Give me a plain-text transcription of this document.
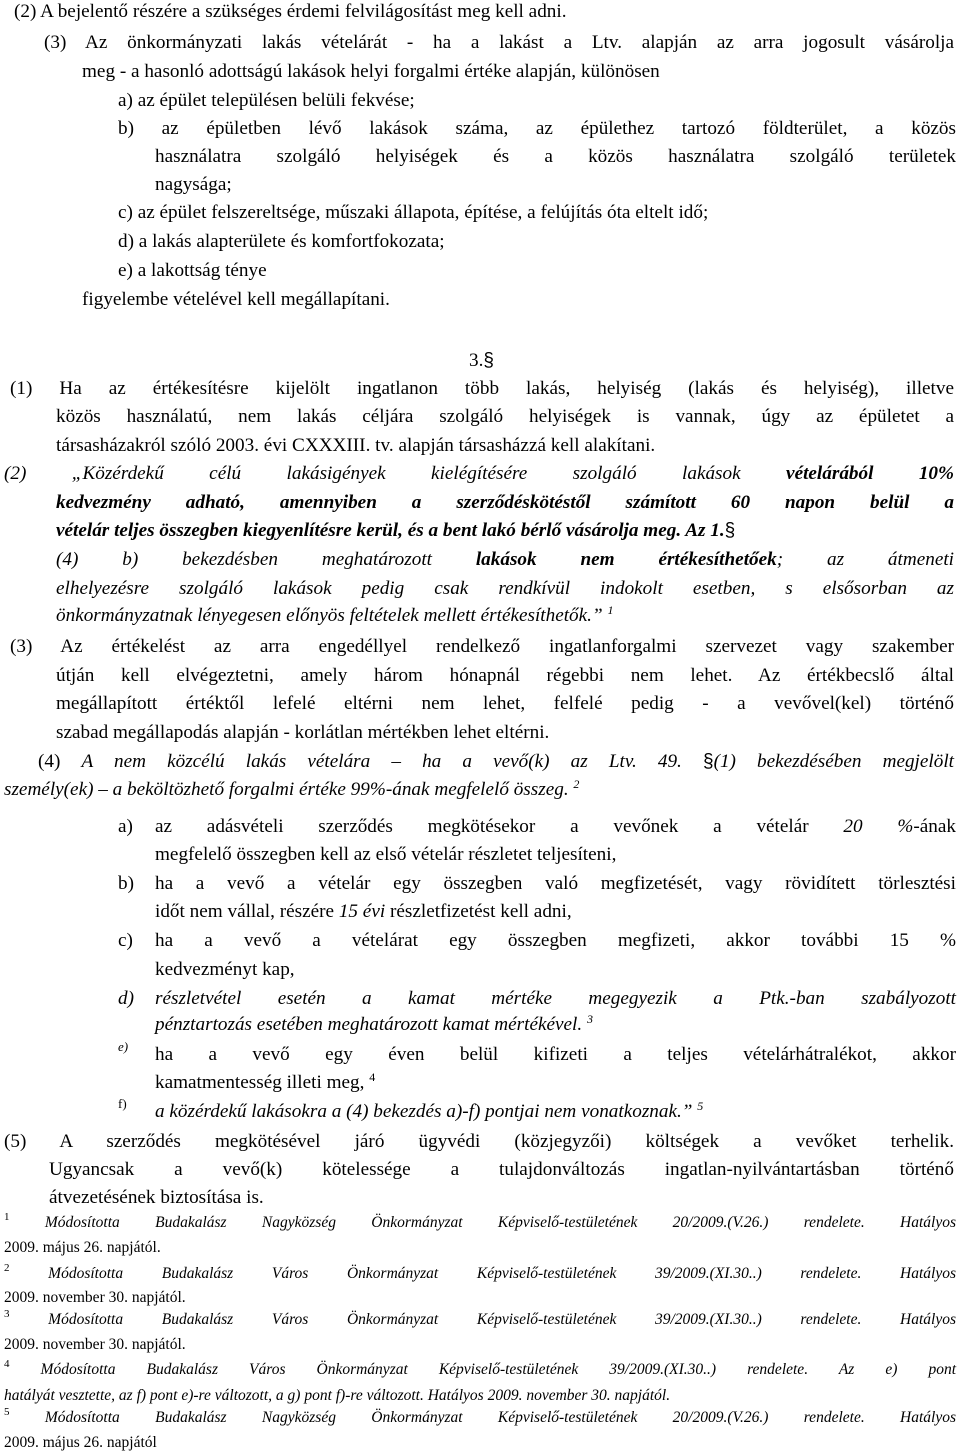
(2) A bejelentő részére a szükséges érdemi felvilágosítást meg kell adni.
(3) Az önkormányzati lakás vételárát - ha a lakást a Ltv. alapján az arra jogosult vásárolja
meg - a hasonló adottságú lakások helyi forgalmi értéke alapján, különösen
a) az épület településen belüli fekvése;
b) az épületben lévő lakások száma, az épülethez tartozó földterület, a közös
használatra szolgáló helyiségek és a közös használatra szolgáló területek
nagysága;
c) az épület felszereltsége, műszaki állapota, építése, a felújítás óta eltelt idő;
d) a lakás alapterülete és komfortfokozata;
e) a lakottság ténye
figyelembe vételével kell megállapítani.
3.§
(1) Ha az értékesítésre kijelölt ingatlanon több lakás, helyiség (lakás és helyiség), illetve
közös használatú, nem lakás céljára szolgáló helyiségek is vannak, úgy az épületet a
társasházakról szóló 2003. évi CXXXIII. tv. alapján társasházzá kell alakítani.
(2) „Közérdekű célú lakásigények kielégítésére szolgáló lakások vételárából 10%
kedvezmény adható, amennyiben a szerződéskötéstől számított 60 napon belül a
vételár teljes összegben kiegyenlítésre kerül, és a bent lakó bérlő vásárolja meg. Az 1.§
(4) b) bekezdésben meghatározott lakások nem értékesíthetőek; az átmeneti
elhelyezésre szolgáló lakások pedig csak rendkívül indokolt esetben, s elsősorban az
önkormányzatnak lényegesen előnyös feltételek mellett értékesíthetők.” $^1$
(3) Az értékelést az arra engedéllyel rendelkező ingatlanforgalmi szervezet vagy szakember
útján kell elvégeztetni, amely három hónapnál régebbi nem lehet. Az értékbecslő által
megállapított értéktől lefelé eltérni nem lehet, felfelé pedig - a vevővel(kel) történő
szabad megállapodás alapján - korlátlan mértékben lehet eltérni.
(4) A nem közcélú lakás vételára – ha a vevő(k) az Ltv. 49. §(1) bekezdésében megjelölt
személy(ek) – a beköltözhető forgalmi értéke 99%-ának megfelelő összeg. $^2$
a) az adásvételi szerződés megkötésekor a vevőnek a vételár 20 %-ának
megfelelő összegben kell az első vételár részletet teljesíteni,
b) ha a vevő a vételár egy összegben való megfizetését, vagy rövidített törlesztési
időt nem vállal, részére 15 évi részletfizetést kell adni,
c) ha a vevő a vételárat egy összegben megfizeti, akkor további 15 %
kedvezményt kap,
d) részletvétel esetén a kamat mértéke megegyezik a Ptk.-ban szabályozott
pénztartozás esetében meghatározott kamat mértékével. $^3$
e) ha a vevő egy éven belül kifizeti a teljes vételárhátralékot, akkor
kamatmentesség illeti meg, $^4$
f) a közérdekű lakásokra a (4) bekezdés a)-f) pontjai nem vonatkoznak.” $^5$
(5) A szerződés megkötésével járó ügyvédi (közjegyzői) költségek a vevőket terhelik.
Ugyancsak a vevő(k) kötelessége a tulajdonváltozás ingatlan-nyilvántartásban történő
átvezetésének biztosítása is.
$^1$ Módosította Budakalász Nagyközség Önkormányzat Képviselő-testületének 20/2009.(V.26.) rendelete. Hatályos
2009. május 26. napjától.
$^2$ Módosította Budakalász Város Önkormányzat Képviselő-testületének 39/2009.(XI.30..) rendelete. Hatályos
2009. november 30. napjától.
$^3$ Módosította Budakalász Város Önkormányzat Képviselő-testületének 39/2009.(XI.30..) rendelete. Hatályos
2009. november 30. napjától.
$^4$ Módosította Budakalász Város Önkormányzat Képviselő-testületének 39/2009.(XI.30..) rendelete. Az e) pont
hatályát vesztette, az f) pont e)-re változott, a g) pont f)-re változott. Hatályos 2009. november 30. napjától.
$^5$ Módosította Budakalász Nagyközség Önkormányzat Képviselő-testületének 20/2009.(V.26.) rendelete. Hatályos
2009. május 26. napjától
